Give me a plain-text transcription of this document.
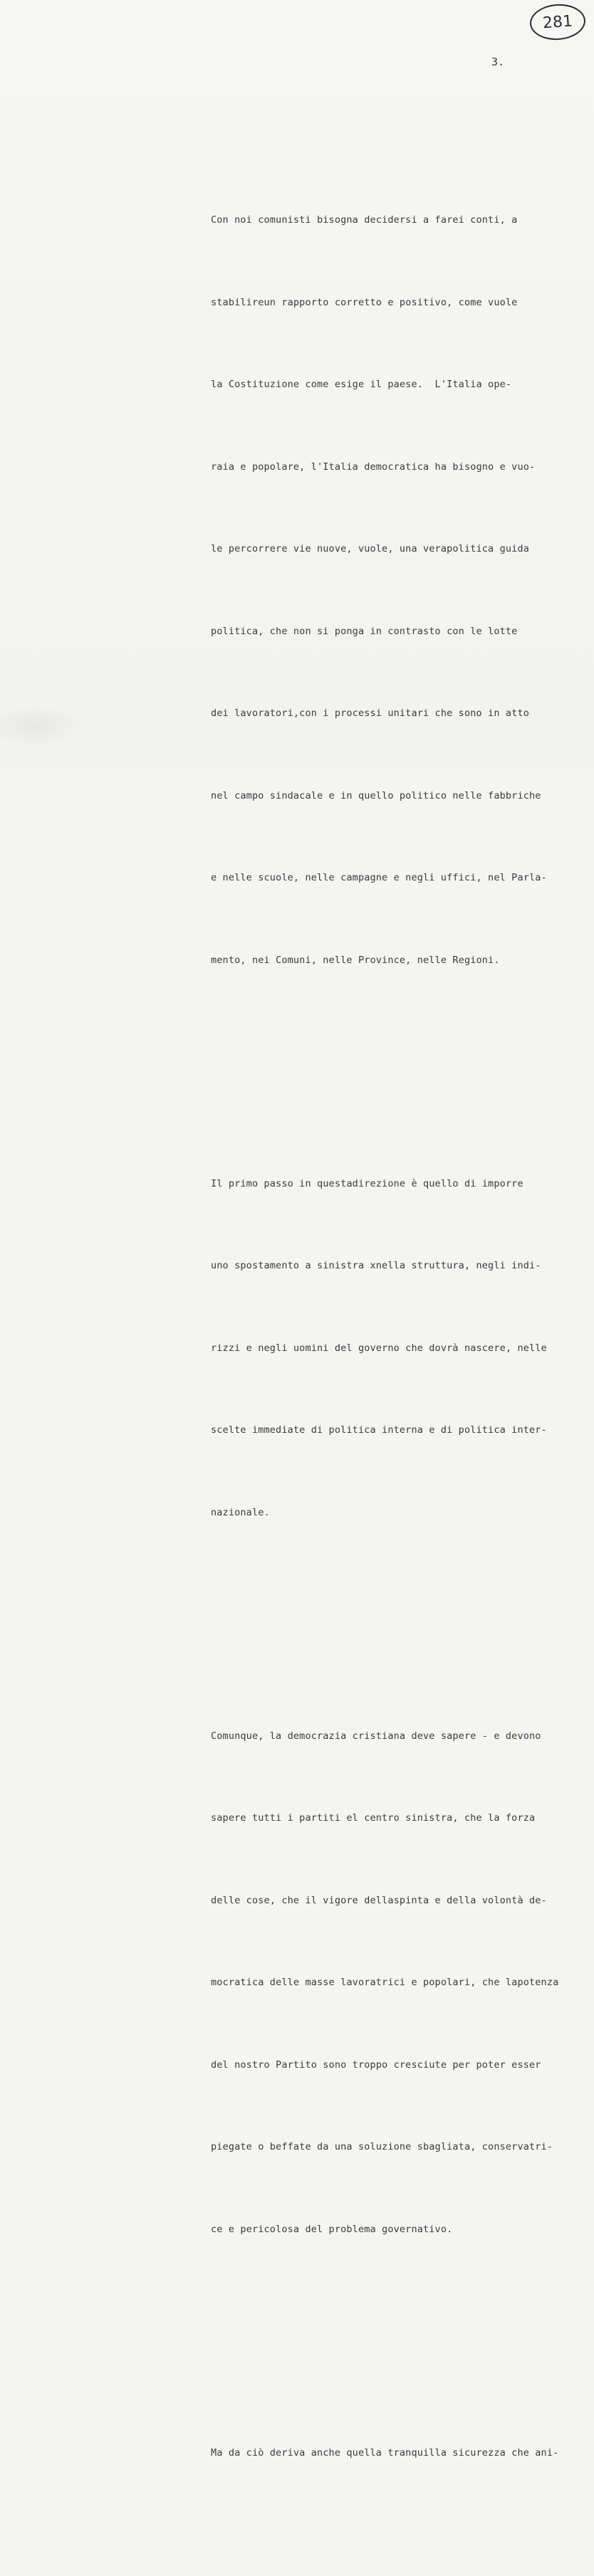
281
3.

Con noi comunisti bisogna decidersi a farei conti, a

stabilireun rapporto corretto e positivo, come vuole

la Costituzione come esige il paese.  L'Italia ope-

raia e popolare, l'Italia democratica ha bisogno e vuo-

le percorrere vie nuove, vuole, una verapolitica guida

politica, che non si ponga in contrasto con le lotte

dei lavoratori,con i processi unitari che sono in atto

nel campo sindacale e in quello politico nelle fabbriche

e nelle scuole, nelle campagne e negli uffici, nel Parla-

mento, nei Comuni, nelle Province, nelle Regioni.

Il primo passo in questadirezione è quello di imporre

uno spostamento a sinistra xnella struttura, negli indi-

rizzi e negli uomini del governo che dovrà nascere, nelle

scelte immediate di politica interna e di politica inter-

nazionale.

Comunque, la democrazia cristiana deve sapere - e devono

sapere tutti i partiti el centro sinistra, che la forza

delle cose, che il vigore dellaspinta e della volontà de-

mocratica delle masse lavoratrici e popolari, che lapotenza

del nostro Partito sono troppo cresciute per poter esser

piegate o beffate da una soluzione sbagliata, conservatri-

ce e pericolosa del problema governativo.

Ma da ciò deriva anche quella tranquilla sicurezza che ani-
